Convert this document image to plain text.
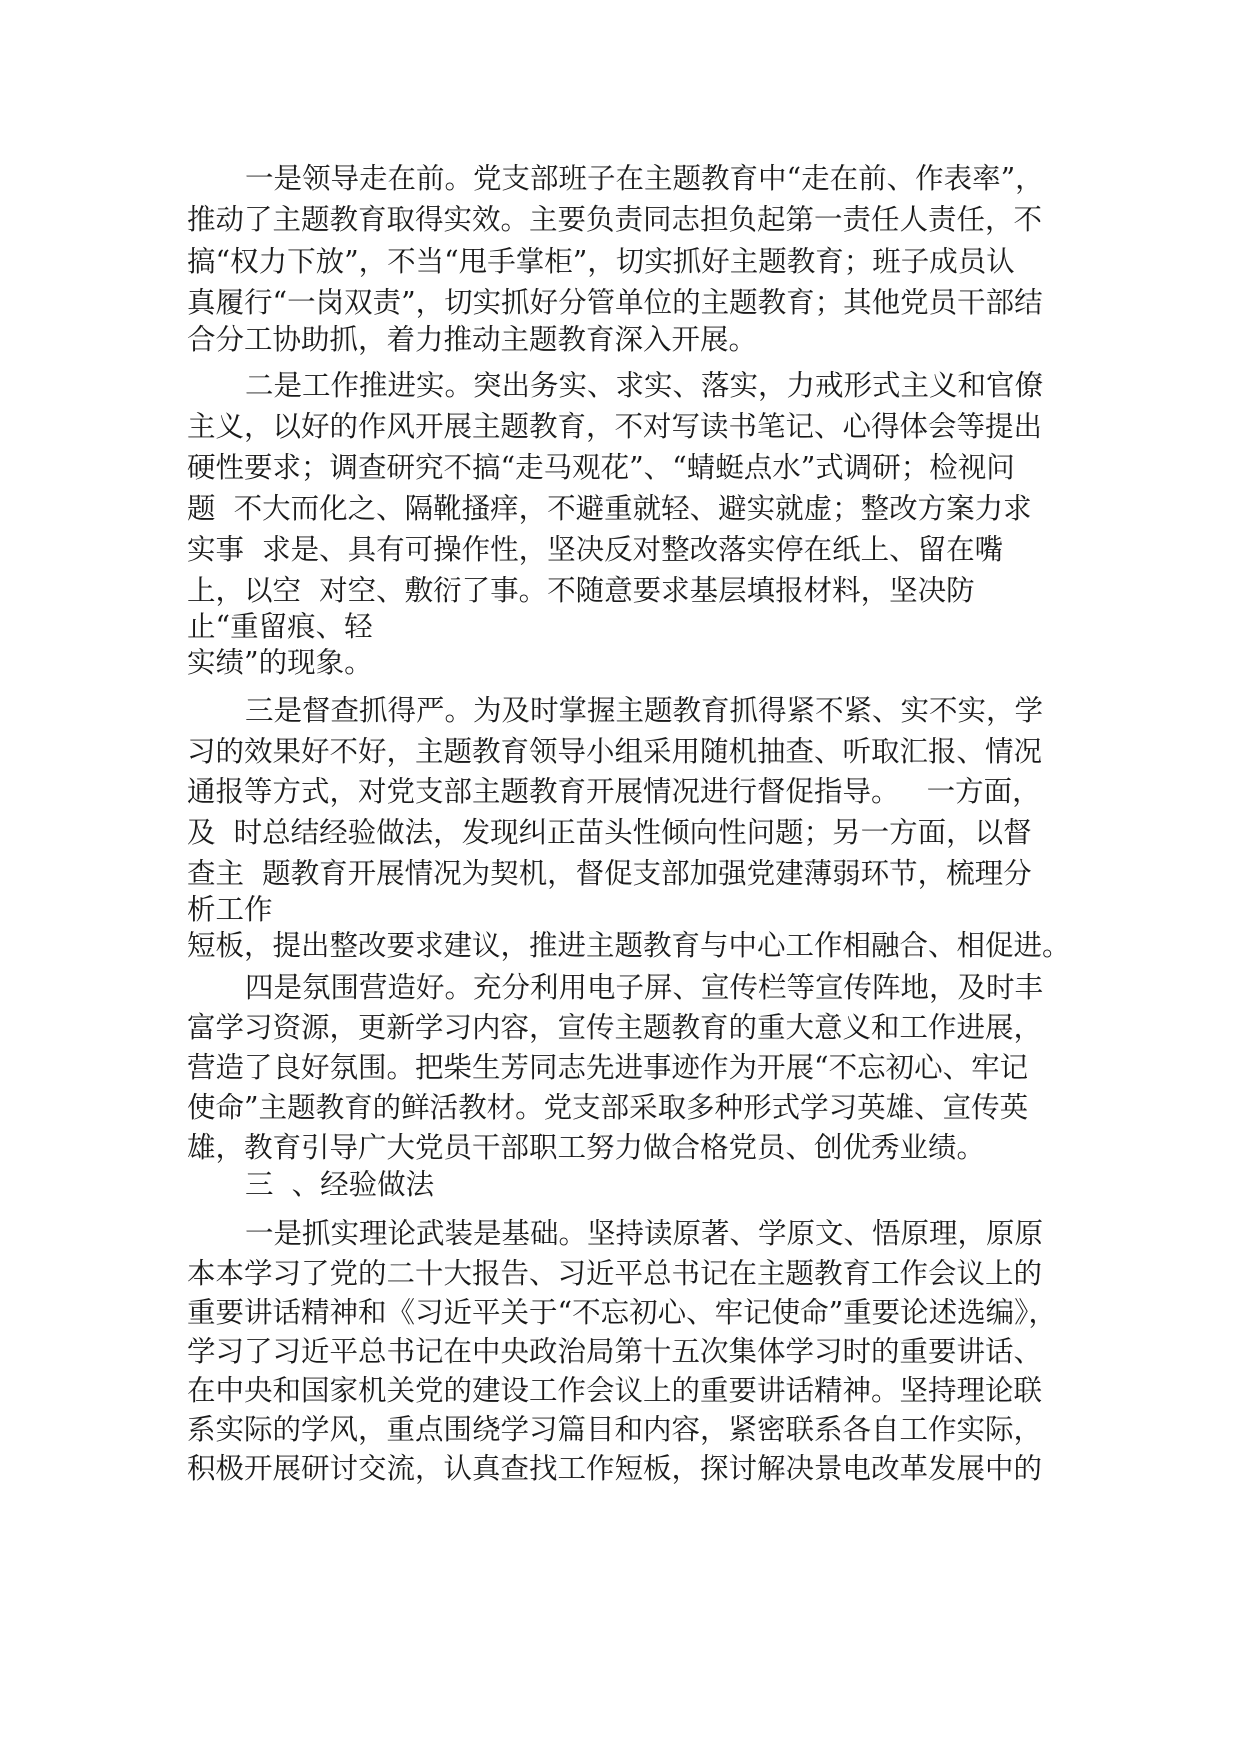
一是领导走在前。党支部班子在主题教育中“走在前、作表率”，

推动了主题教育取得实效。主要负责同志担负起第一责任人责任，不

搞“权力下放”，不当“甩手掌柜”，切实抓好主题教育；班子成员认

真履行“一岗双责”，切实抓好分管单位的主题教育；其他党员干部结

合分工协助抓，着力推动主题教育深入开展。

二是工作推进实。突出务实、求实、落实，力戒形式主义和官僚

主义，以好的作风开展主题教育，不对写读书笔记、心得体会等提出

硬性要求；调查研究不搞“走马观花”、“蜻蜓点水”式调研；检视问

题  不大而化之、隔靴搔痒，不避重就轻、避实就虚；整改方案力求

实事  求是、具有可操作性，坚决反对整改落实停在纸上、留在嘴

上，以空  对空、敷衍了事。不随意要求基层填报材料，坚决防

止“重留痕、轻

实绩”的现象。

三是督查抓得严。为及时掌握主题教育抓得紧不紧、实不实，学

习的效果好不好，主题教育领导小组采用随机抽查、听取汇报、情况

通报等方式，对党支部主题教育开展情况进行督促指导。   一方面，

及  时总结经验做法，发现纠正苗头性倾向性问题；另一方面，以督

查主  题教育开展情况为契机，督促支部加强党建薄弱环节，梳理分

析工作

短板，提出整改要求建议，推进主题教育与中心工作相融合、相促进。

四是氛围营造好。充分利用电子屏、宣传栏等宣传阵地，及时丰

富学习资源，更新学习内容，宣传主题教育的重大意义和工作进展，

营造了良好氛围。把柴生芳同志先进事迹作为开展“不忘初心、牢记

使命”主题教育的鲜活教材。党支部采取多种形式学习英雄、宣传英

雄，教育引导广大党员干部职工努力做合格党员、创优秀业绩。

三  、经验做法

一是抓实理论武装是基础。坚持读原著、学原文、悟原理，原原

本本学习了党的二十大报告、习近平总书记在主题教育工作会议上的

重要讲话精神和《习近平关于“不忘初心、牢记使命”重要论述选编》，

学习了习近平总书记在中央政治局第十五次集体学习时的重要讲话、

在中央和国家机关党的建设工作会议上的重要讲话精神。坚持理论联

系实际的学风，重点围绕学习篇目和内容，紧密联系各自工作实际，

积极开展研讨交流，认真查找工作短板，探讨解决景电改革发展中的
